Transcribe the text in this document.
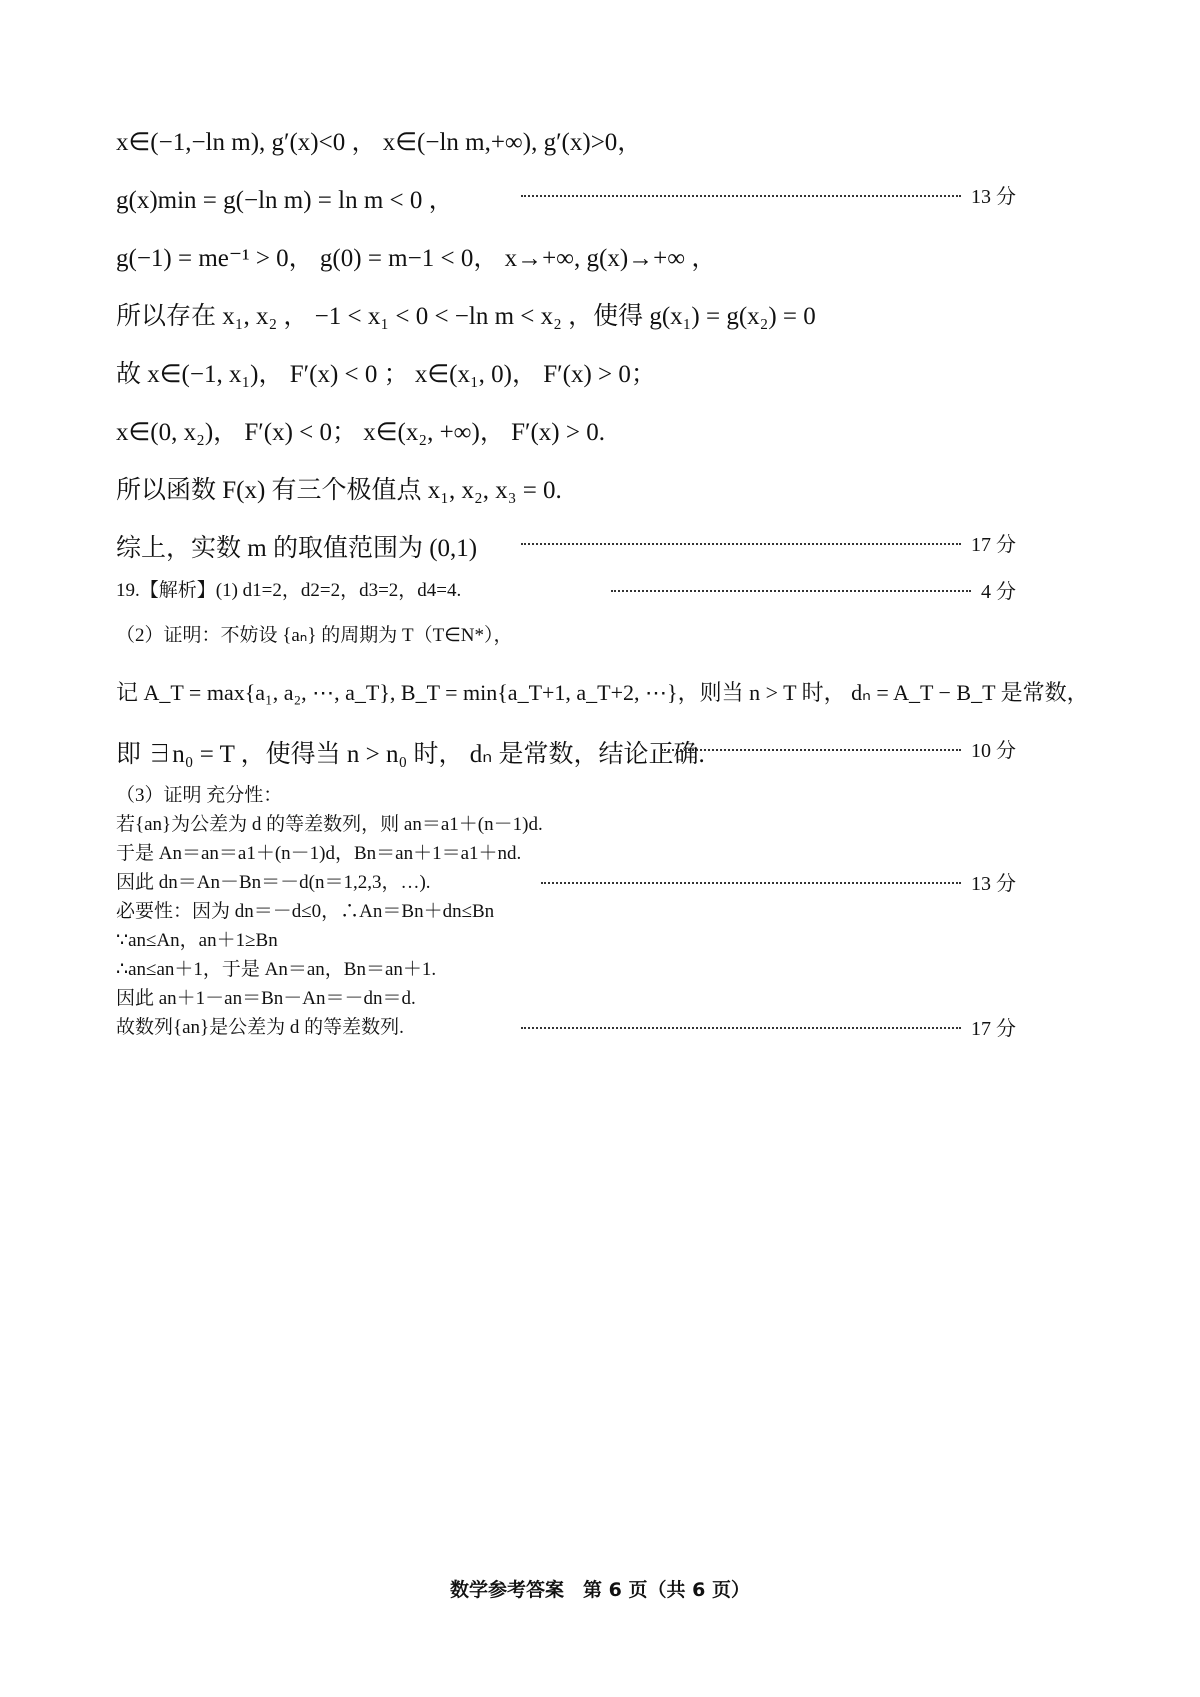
x∈(−1,−ln m), g′(x)<0 ， x∈(−ln m,+∞), g′(x)>0，
g(x)min = g(−ln m) = ln m < 0 ，	13 分
g(−1) = me⁻¹ > 0， g(0) = m−1 < 0， x→+∞, g(x)→+∞ ，
所以存在 x₁, x₂ ， −1 < x₁ < 0 < −ln m < x₂ ，使得 g(x₁) = g(x₂) = 0
故 x∈(−1, x₁)， F′(x) < 0 ； x∈(x₁, 0)， F′(x) > 0；
x∈(0, x₂)， F′(x) < 0； x∈(x₂, +∞)， F′(x) > 0.
所以函数 F(x) 有三个极值点 x₁, x₂, x₃ = 0.
综上，实数 m 的取值范围为 (0,1)	17 分
19.【解析】(1) d1=2，d2=2，d3=2，d4=4.	4 分
（2）证明：不妨设 {aₙ} 的周期为 T（T∈N*），
记 A_T = max{a₁, a₂, ⋯, a_T}, B_T = min{a_T+1, a_T+2, ⋯}，则当 n > T 时， dₙ = A_T − B_T 是常数，
即 ∃n₀ = T ，使得当 n > n₀ 时， dₙ 是常数，结论正确.	10 分
（3）证明 充分性：
若{an}为公差为 d 的等差数列，则 an＝a1＋(n－1)d.
于是 An＝an＝a1＋(n－1)d，Bn＝an＋1＝a1＋nd.
因此 dn＝An－Bn＝－d(n＝1,2,3，…).	13 分
必要性：因为 dn＝－d≤0，∴An＝Bn＋dn≤Bn
∵an≤An，an＋1≥Bn
∴an≤an＋1，于是 An＝an，Bn＝an＋1.
因此 an＋1－an＝Bn－An＝－dn＝d.
故数列{an}是公差为 d 的等差数列.	17 分
数学参考答案　第 6 页（共 6 页）
